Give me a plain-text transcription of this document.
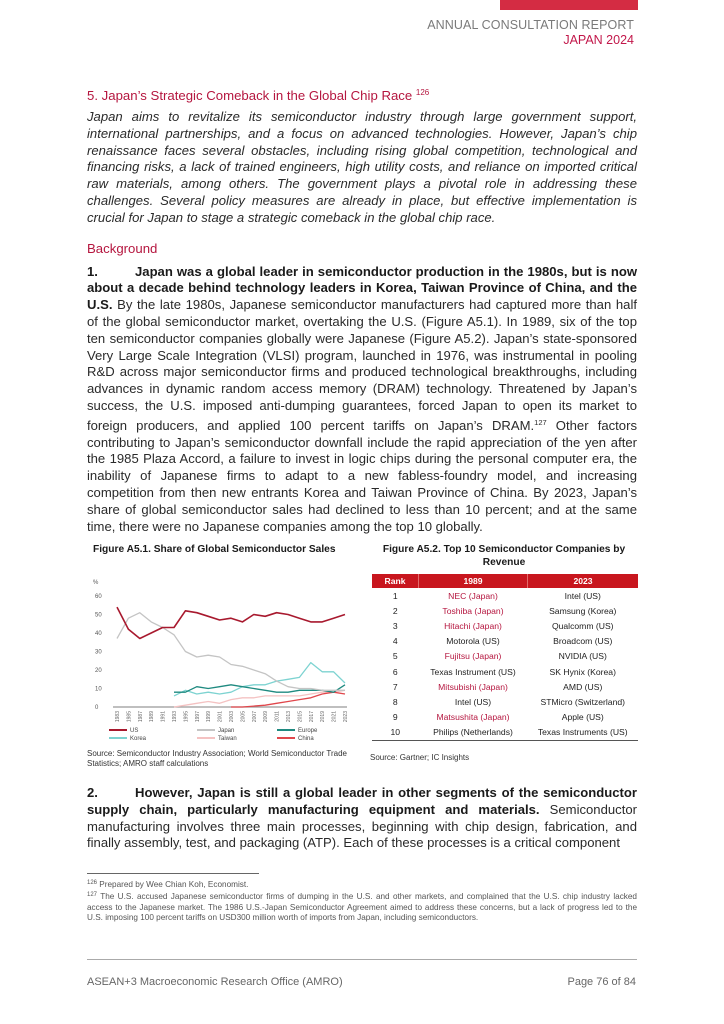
ANNUAL CONSULTATION REPORT
JAPAN 2024
5. Japan’s Strategic Comeback in the Global Chip Race $^{126}$

Japan aims to revitalize its semiconductor industry through large government support, international partnerships, and a focus on advanced technologies. However, Japan’s chip renaissance faces several obstacles, including rising global competition, technological and financing risks, a lack of trained engineers, high utility costs, and reliance on imported critical raw materials, among others. The government plays a pivotal role in addressing these challenges. Several policy measures are already in place, but effective implementation is crucial for Japan to stage a strategic comeback in the global chip race.

Background

1.	Japan was a global leader in semiconductor production in the 1980s, but is now about a decade behind technology leaders in Korea, Taiwan Province of China, and the U.S. By the late 1980s, Japanese semiconductor manufacturers had captured more than half of the global semiconductor market, overtaking the U.S. (Figure A5.1). In 1989, six of the top ten semiconductor companies globally were Japanese (Figure A5.2). Japan’s state-sponsored Very Large Scale Integration (VLSI) program, launched in 1976, was instrumental in pooling R&D across major semiconductor firms and produced technological breakthroughs, including advances in dynamic random access memory (DRAM) technology. Threatened by Japan’s success, the U.S. imposed anti-dumping guarantees, forced Japan to open its market to foreign producers, and applied 100 percent tariffs on Japan’s DRAM.$^{127}$ Other factors contributing to Japan’s semiconductor downfall include the rapid appreciation of the yen after the 1985 Plaza Accord, a failure to invest in logic chips during the personal computer era, the inability of Japanese firms to adapt to a new fabless-foundry model, and increasing competition from then new entrants Korea and Taiwan Province of China. By 2023, Japan’s share of global semiconductor sales had declined to less than 10 percent; and at the same time, there were no Japanese companies among the top 10 globally.

Figure A5.1. Share of Global Semiconductor Sales
%
0
10
20
30
40
50
60
1983 1985 1987 1989 1991 1993 1995 1997 1999 2001 2003 2005 2007 2009 2011 2013 2015 2017 2019 2021 2023
US	Japan	Europe
Korea	Taiwan	China
Source: Semiconductor Industry Association; World Semiconductor Trade Statistics; AMRO staff calculations
Figure A5.2. Top 10 Semiconductor Companies by Revenue
Rank	1989	2023
1	NEC (Japan)	Intel (US)
2	Toshiba (Japan)	Samsung (Korea)
3	Hitachi (Japan)	Qualcomm (US)
4	Motorola (US)	Broadcom (US)
5	Fujitsu (Japan)	NVIDIA (US)
6	Texas Instrument (US)	SK Hynix (Korea)
7	Mitsubishi (Japan)	AMD (US)
8	Intel (US)	STMicro (Switzerland)
9	Matsushita (Japan)	Apple (US)
10	Philips (Netherlands)	Texas Instruments (US)
Source: Gartner; IC Insights

2.	However, Japan is still a global leader in other segments of the semiconductor supply chain, particularly manufacturing equipment and materials. Semiconductor manufacturing involves three main processes, beginning with chip design, fabrication, and finally assembly, test, and packaging (ATP). Each of these processes is a critical component

$^{126}$ Prepared by Wee Chian Koh, Economist.
$^{127}$ The U.S. accused Japanese semiconductor firms of dumping in the U.S. and other markets, and complained that the U.S. chip industry lacked access to the Japanese market. The 1986 U.S.-Japan Semiconductor Agreement aimed to address these concerns, but a lack of progress led to the U.S. imposing 100 percent tariffs on USD300 million worth of imports from Japan, including semiconductors.
ASEAN+3 Macroeconomic Research Office (AMRO)	Page 76 of 84
